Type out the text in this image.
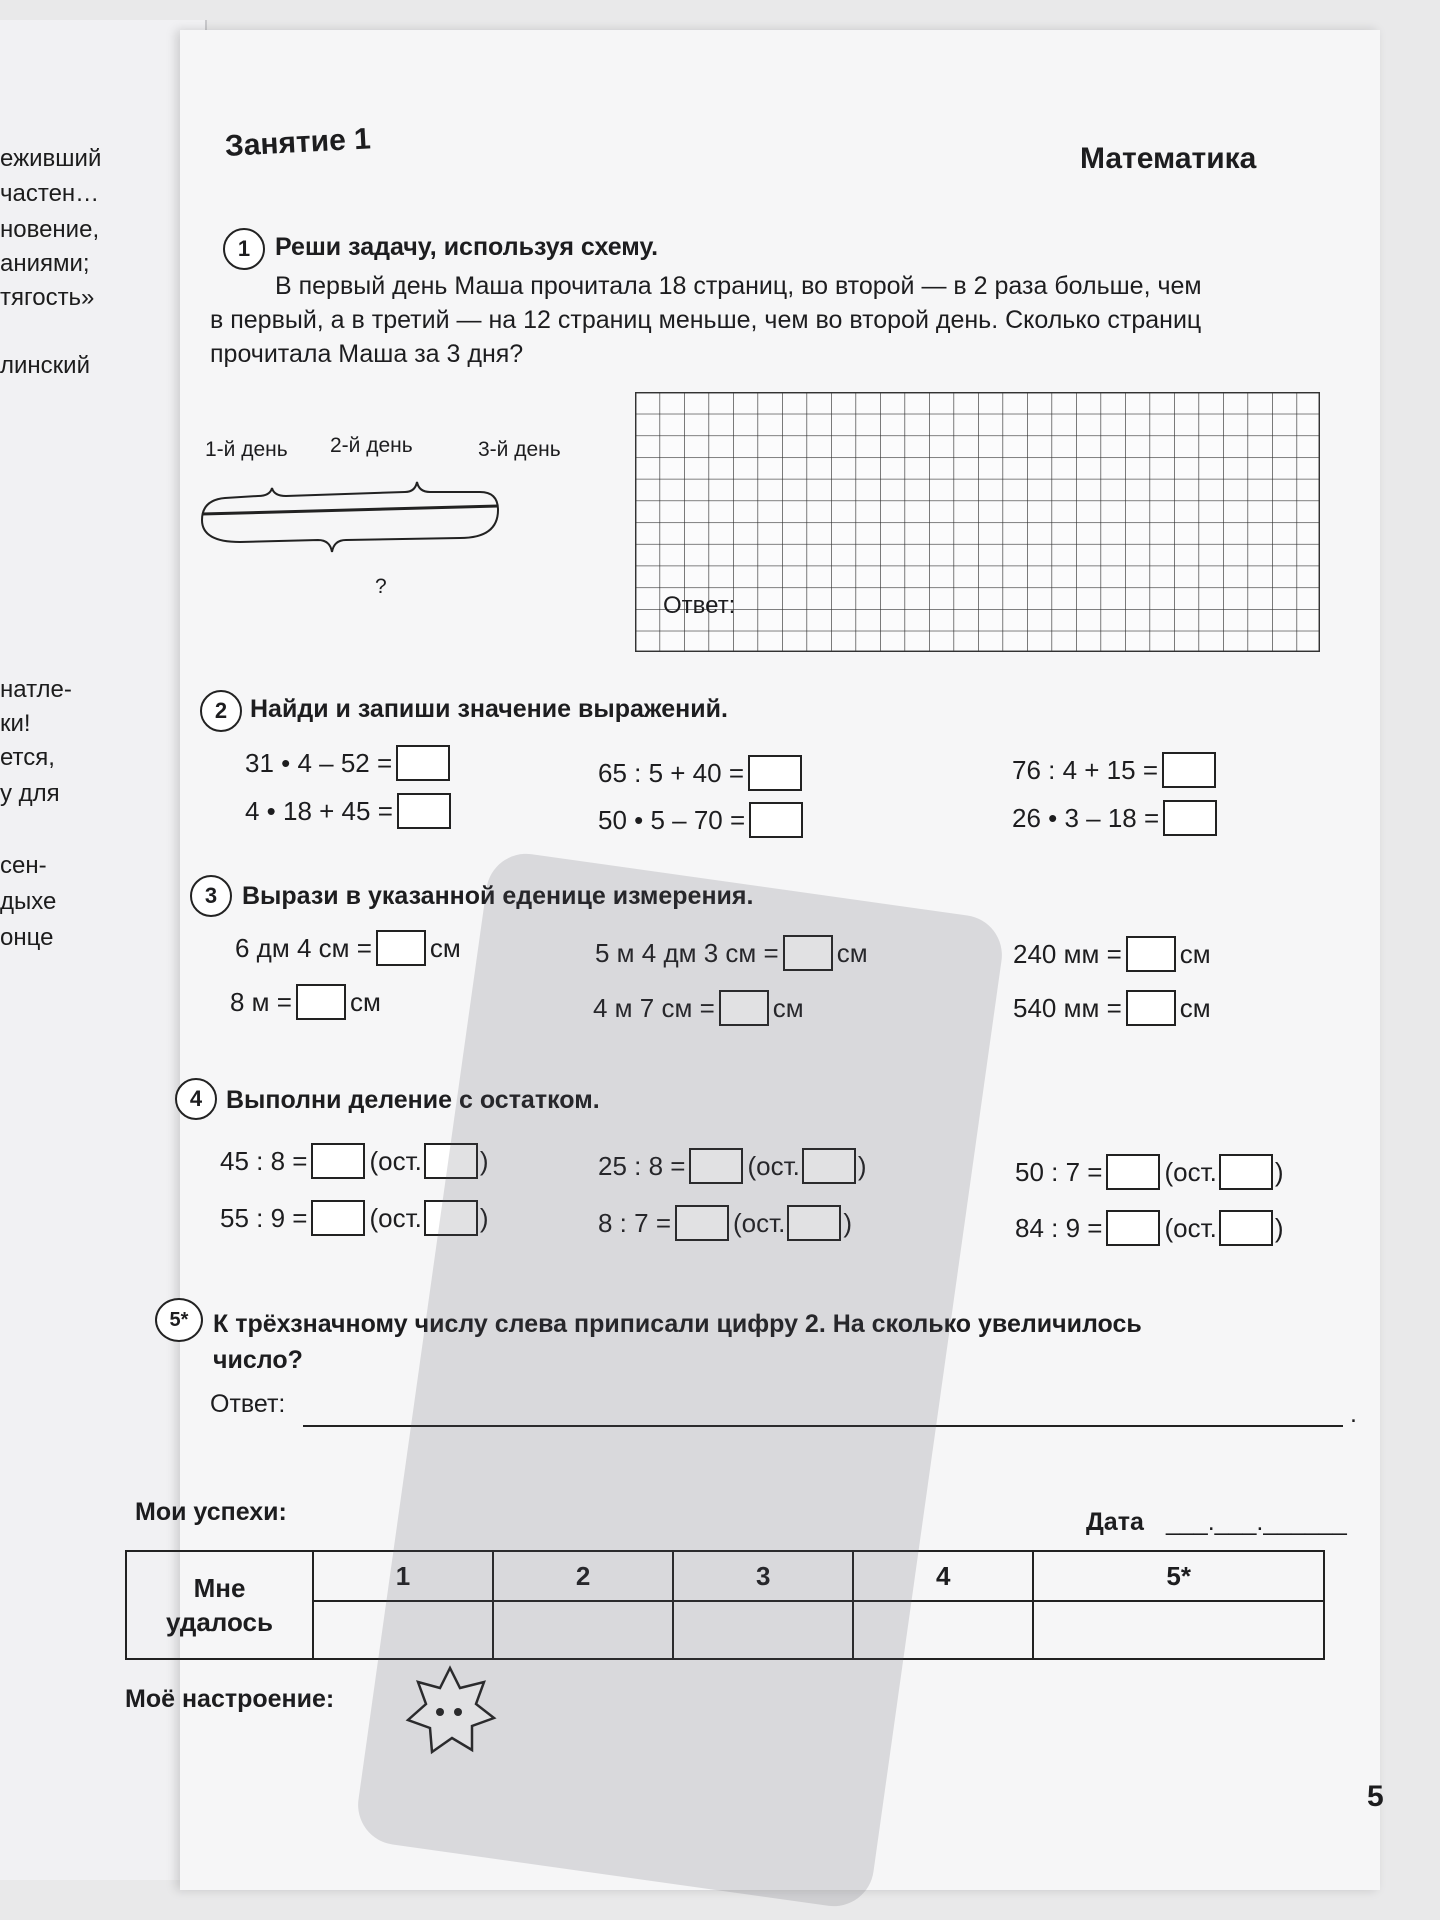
еживший
частен…
новение,
аниями;
тягость»
линский
натле-
ки!
ется,
у для
сен-
дыхе
онце
Занятие 1	Математика
1 Реши задачу, используя схему.
В первый день Маша прочитала 18 страниц, во второй — в 2 раза больше, чем
в первый, а в третий — на 12 страниц меньше, чем во второй день. Сколько страниц
прочитала Маша за 3 дня?
1-й день 2-й день	3-й день
?
Ответ:
2 Найди и запиши значение выражений.
31 • 4 – 52 =
4 • 18 + 45 =
65 : 5 + 40 =
50 • 5 – 70 =
76 : 4 + 15 =
26 • 3 – 18 =
3 Вырази в указанной еденице измерения.
6 дм 4 см = см
8 м = см
5 м 4 дм 3 см = см
4 м 7 см = см
240 мм = см
540 мм = см
4 Выполни деление с остатком.
45 : 8 = (ост. )
55 : 9 = (ост. )
25 : 8 = (ост. )
8 : 7 = (ост. )
50 : 7 = (ост. )
84 : 9 = (ост. )
5* К трёхзначному числу слева приписали цифру 2. На сколько увеличилось
число?
Ответ:	.
Мои успехи:	Дата ___.___.______
Мне
удалось	1	2	3	4	5*

Моё настроение:
5
